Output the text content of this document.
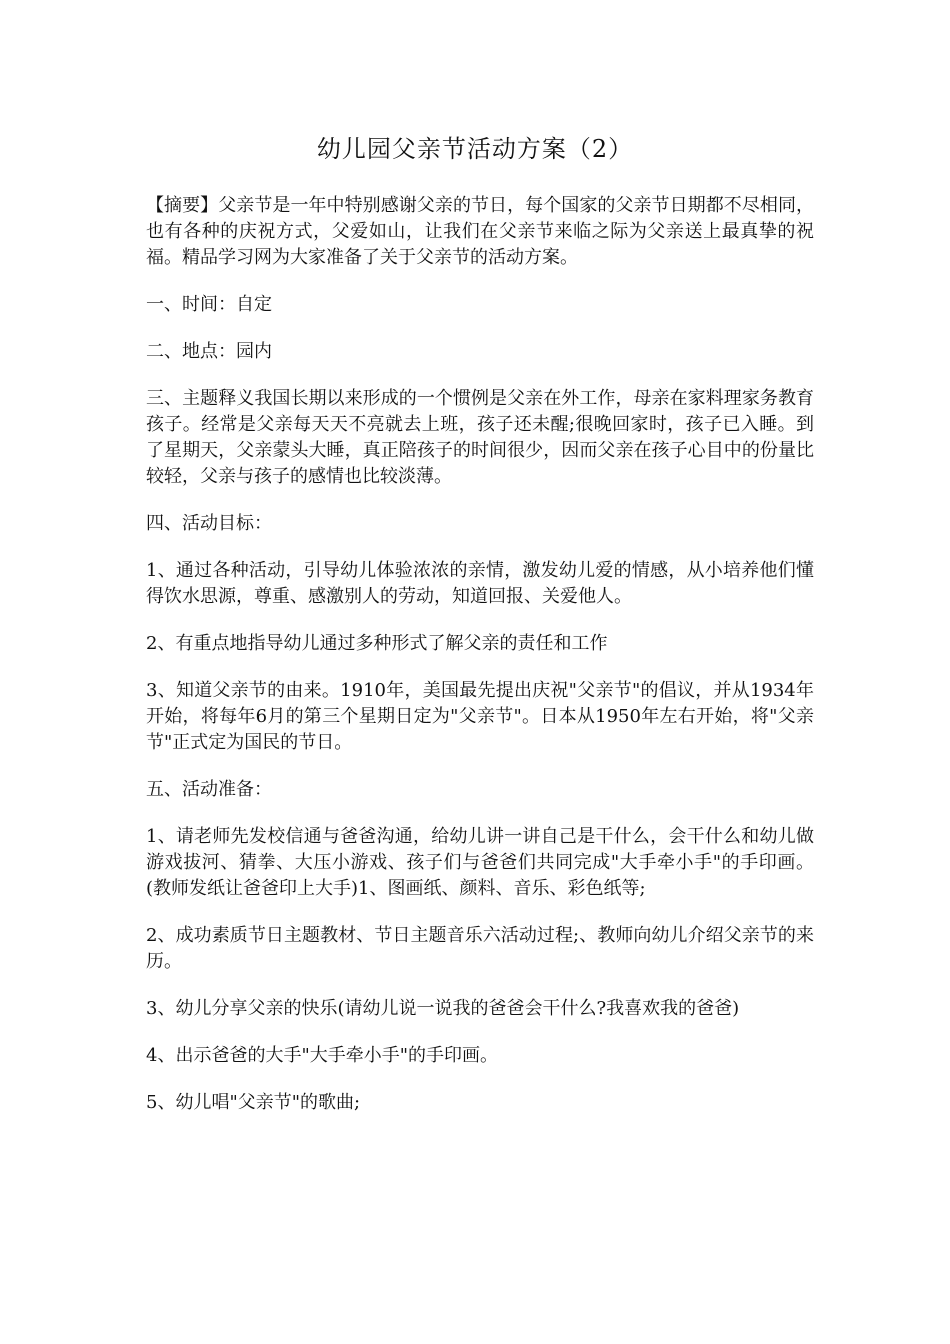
幼儿园父亲节活动方案（2）

【摘要】父亲节是一年中特别感谢父亲的节日，每个国家的父亲节日期都不尽相同，也有各种的庆祝方式，父爱如山，让我们在父亲节来临之际为父亲送上最真挚的祝福。精品学习网为大家准备了关于父亲节的活动方案。

一、时间：自定

二、地点：园内

三、主题释义我国长期以来形成的一个惯例是父亲在外工作，母亲在家料理家务教育孩子。经常是父亲每天天不亮就去上班，孩子还未醒;很晚回家时，孩子已入睡。到了星期天，父亲蒙头大睡，真正陪孩子的时间很少，因而父亲在孩子心目中的份量比较轻，父亲与孩子的感情也比较淡薄。

四、活动目标：

1、通过各种活动，引导幼儿体验浓浓的亲情，激发幼儿爱的情感，从小培养他们懂得饮水思源，尊重、感激别人的劳动，知道回报、关爱他人。

2、有重点地指导幼儿通过多种形式了解父亲的责任和工作

3、知道父亲节的由来。1910年，美国最先提出庆祝"父亲节"的倡议，并从1934年开始，将每年6月的第三个星期日定为"父亲节"。日本从1950年左右开始，将"父亲节"正式定为国民的节日。

五、活动准备：

1、请老师先发校信通与爸爸沟通，给幼儿讲一讲自己是干什么，会干什么和幼儿做游戏拔河、猜拳、大压小游戏、孩子们与爸爸们共同完成"大手牵小手"的手印画。(教师发纸让爸爸印上大手)1、图画纸、颜料、音乐、彩色纸等;

2、成功素质节日主题教材、节日主题音乐六活动过程;、教师向幼儿介绍父亲节的来历。

3、幼儿分享父亲的快乐(请幼儿说一说我的爸爸会干什么?我喜欢我的爸爸)

4、出示爸爸的大手"大手牵小手"的手印画。

5、幼儿唱"父亲节"的歌曲;
